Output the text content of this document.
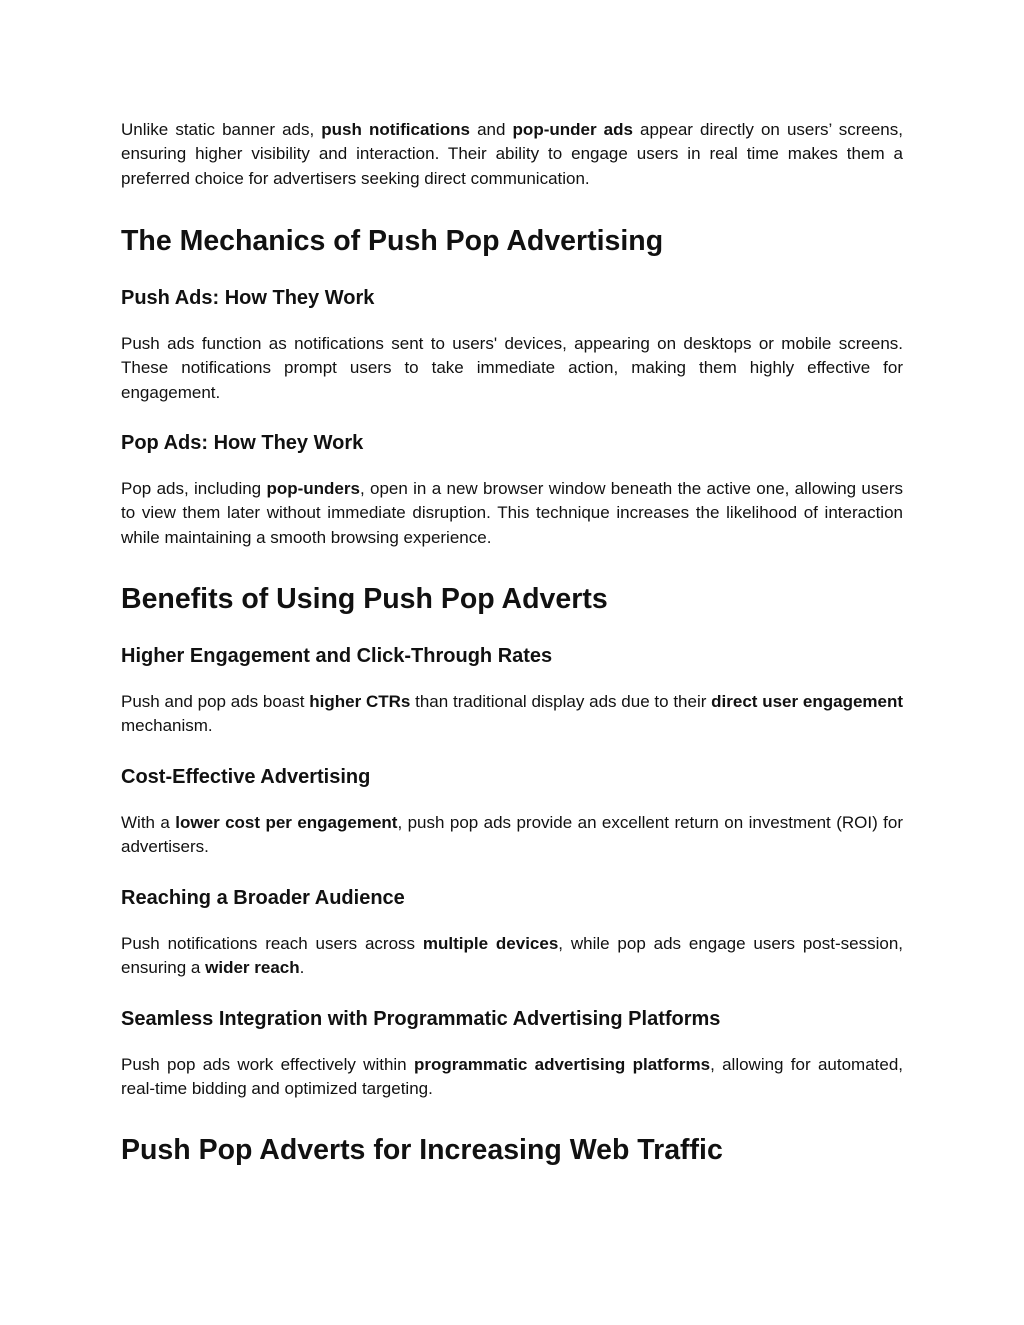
Unlike static banner ads, push notifications and pop-under ads appear directly on users’ screens, ensuring higher visibility and interaction. Their ability to engage users in real time makes them a preferred choice for advertisers seeking direct communication.

The Mechanics of Push Pop Advertising
Push Ads: How They Work

Push ads function as notifications sent to users' devices, appearing on desktops or mobile screens. These notifications prompt users to take immediate action, making them highly effective for engagement.

Pop Ads: How They Work

Pop ads, including pop-unders, open in a new browser window beneath the active one, allowing users to view them later without immediate disruption. This technique increases the likelihood of interaction while maintaining a smooth browsing experience.

Benefits of Using Push Pop Adverts
Higher Engagement and Click-Through Rates

Push and pop ads boast higher CTRs than traditional display ads due to their direct user engagement mechanism.

Cost-Effective Advertising

With a lower cost per engagement, push pop ads provide an excellent return on investment (ROI) for advertisers.

Reaching a Broader Audience

Push notifications reach users across multiple devices, while pop ads engage users post-session, ensuring a wider reach.

Seamless Integration with Programmatic Advertising Platforms

Push pop ads work effectively within programmatic advertising platforms, allowing for automated, real-time bidding and optimized targeting.

Push Pop Adverts for Increasing Web Traffic
